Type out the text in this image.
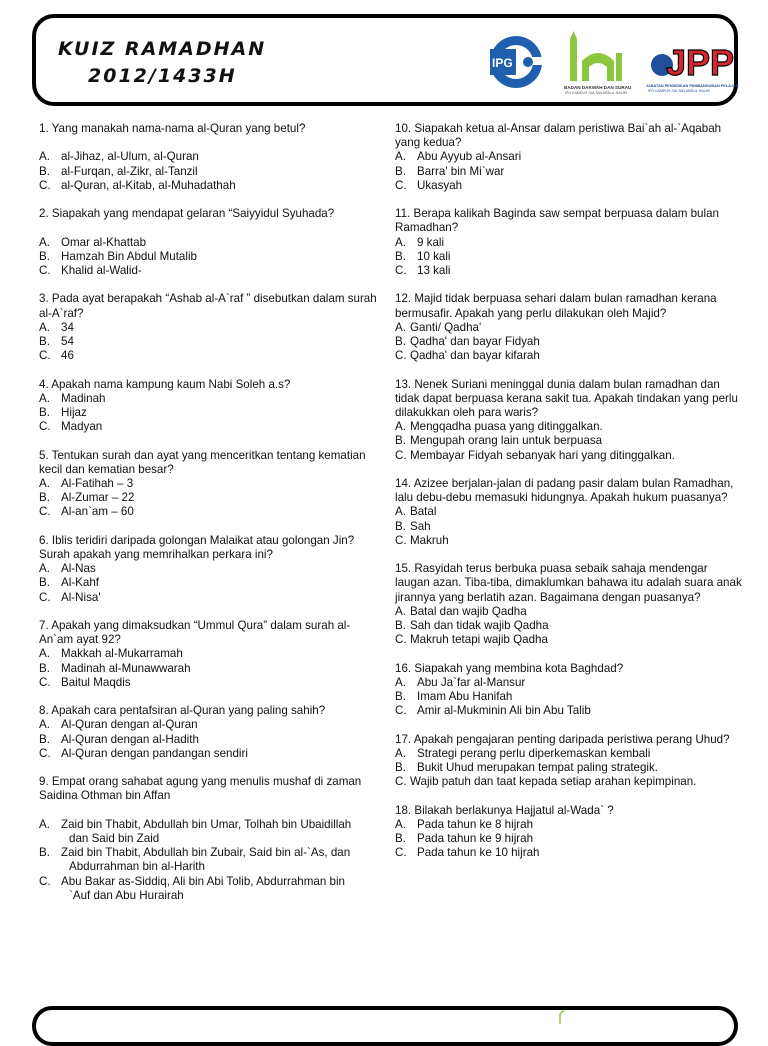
KUIZ RAMADHAN
2012/1433H
IPG
BADAN DAKWAH DAN SURAU
IPG KAMPUS SULTAN ABDUL HALIM
JPP
JABATAN PENDIDIKAN PEMBANGUNAN PELAJAR
IPG KAMPUS SULTAN ABDUL HALIM
1. Yang manakah nama-nama al-Quran yang betul?
A. al-Jihaz, al-Ulum, al-Quran
B. al-Furqan, al-Zikr, al-Tanzil
C. al-Quran, al-Kitab, al-Muhadathah
2. Siapakah yang mendapat gelaran “Saiyyidul Syuhada?
A. Omar al-Khattab
B. Hamzah Bin Abdul Mutalib
C. Khalid al-Walid-
3. Pada ayat berapakah “Ashab al-A`raf ” disebutkan dalam surah al-A`raf?
A. 34
B. 54
C. 46
4. Apakah nama kampung kaum Nabi Soleh a.s?
A. Madinah
B. Hijaz
C. Madyan
5. Tentukan surah dan ayat yang menceritkan tentang kematian kecil dan kematian besar?
A. Al-Fatihah – 3
B. Al-Zumar – 22
C. Al-an`am – 60
6. Iblis teridiri daripada golongan Malaikat atau golongan Jin? Surah apakah yang memrihalkan perkara ini?
A. Al-Nas
B. Al-Kahf
C. Al-Nisa'
7. Apakah yang dimaksudkan “Ummul Qura” dalam surah al-An`am ayat 92?
A. Makkah al-Mukarramah
B. Madinah al-Munawwarah
C. Baitul Maqdis
8. Apakah cara pentafsiran al-Quran yang paling sahih?
A. Al-Quran dengan al-Quran
B. Al-Quran dengan al-Hadith
C. Al-Quran dengan pandangan sendiri
9. Empat orang sahabat agung yang menulis mushaf di zaman Saidina Othman bin Affan
A. Zaid bin Thabit, Abdullah bin Umar, Tolhah bin Ubaidillah
dan Said bin Zaid
B. Zaid bin Thabit, Abdullah bin Zubair, Said bin al-`As, dan
Abdurrahman bin al-Harith
C. Abu Bakar as-Siddiq, Ali bin Abi Tolib, Abdurrahman bin
`Auf dan Abu Hurairah
10. Siapakah ketua al-Ansar dalam peristiwa Bai`ah al-`Aqabah yang kedua?
A. Abu Ayyub al-Ansari
B. Barra' bin Mi`war
C. Ukasyah
11. Berapa kalikah Baginda saw sempat berpuasa dalam bulan Ramadhan?
A. 9 kali
B. 10 kali
C. 13 kali
12. Majid tidak berpuasa sehari dalam bulan ramadhan kerana bermusafir. Apakah yang perlu dilakukan oleh Majid?
A. Ganti/ Qadha'
B. Qadha' dan bayar Fidyah
C. Qadha' dan bayar kifarah
13. Nenek Suriani meninggal dunia dalam bulan ramadhan dan tidak dapat berpuasa kerana sakit tua. Apakah tindakan yang perlu dilakukkan oleh para waris?
A. Mengqadha puasa yang ditinggalkan.
B. Mengupah orang lain untuk berpuasa
C. Membayar Fidyah sebanyak hari yang ditinggalkan.
14. Azizee berjalan-jalan di padang pasir dalam bulan Ramadhan, lalu debu-debu memasuki hidungnya. Apakah hukum puasanya?
A. Batal
B. Sah
C. Makruh
15. Rasyidah terus berbuka puasa sebaik sahaja mendengar laugan azan. Tiba-tiba, dimaklumkan bahawa itu adalah suara anak jirannya yang berlatih azan. Bagaimana dengan puasanya?
A. Batal dan wajib Qadha
B. Sah dan tidak wajib Qadha
C. Makruh tetapi wajib Qadha
16. Siapakah yang membina kota Baghdad?
A. Abu Ja`far al-Mansur
B. Imam Abu Hanifah
C. Amir al-Mukminin Ali bin Abu Talib
17. Apakah pengajaran penting daripada peristiwa perang Uhud?
A. Strategi perang perlu diperkemaskan kembali
B. Bukit Uhud merupakan tempat paling strategik.
C. Wajib patuh dan taat kepada setiap arahan kepimpinan.
18. Bilakah berlakunya Hajjatul al-Wada` ?
A. Pada tahun ke 8 hijrah
B. Pada tahun ke 9 hijrah
C. Pada tahun ke 10 hijrah
